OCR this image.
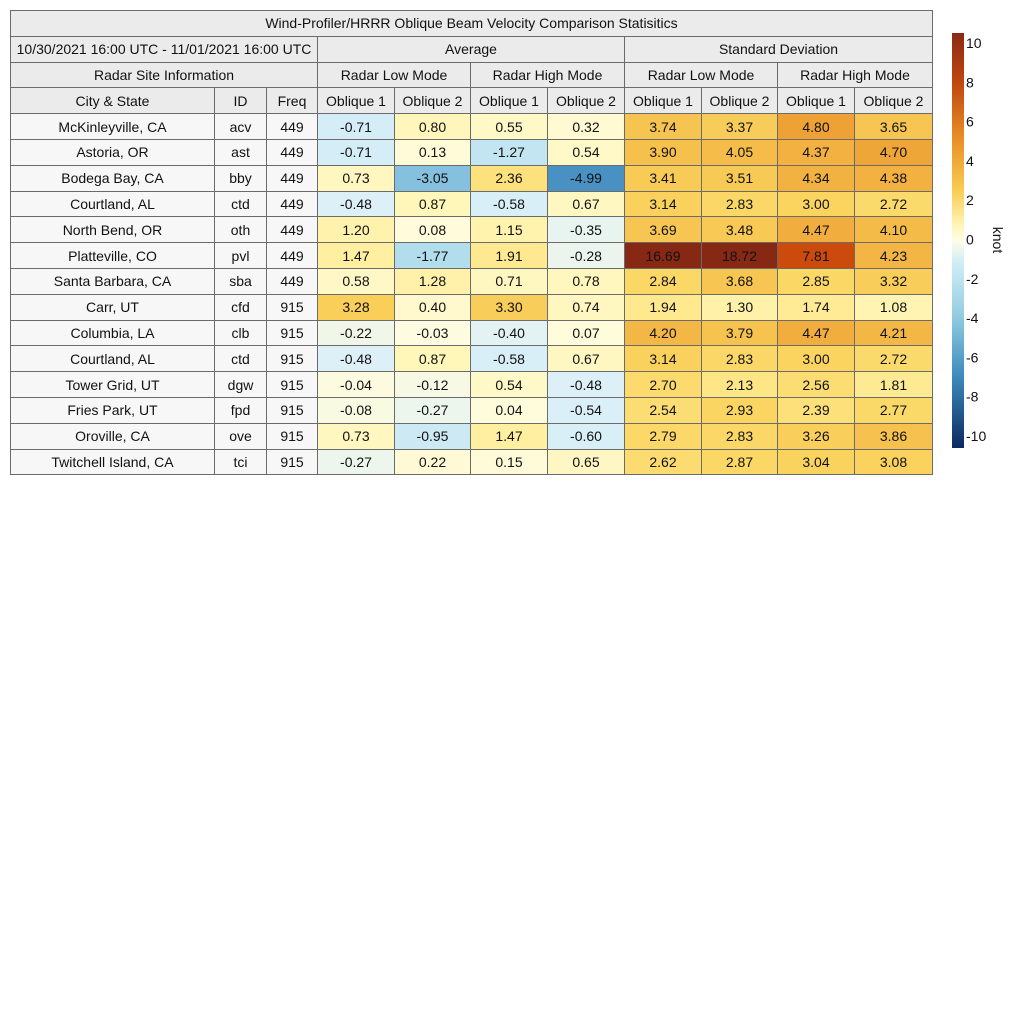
Wind-Profiler/HRRR Oblique Beam Velocity Comparison Statisitics										
10/30/2021 16:00 UTC - 11/01/2021 16:00 UTC			Average				Standard Deviation			
Radar Site Information			Radar Low Mode		Radar High Mode		Radar Low Mode		Radar High Mode	
City & State	ID	Freq	Oblique 1	Oblique 2	Oblique 1	Oblique 2	Oblique 1	Oblique 2	Oblique 1	Oblique 2
McKinleyville, CA	acv	449	-0.71	0.80	0.55	0.32	3.74	3.37	4.80	3.65
Astoria, OR	ast	449	-0.71	0.13	-1.27	0.54	3.90	4.05	4.37	4.70
Bodega Bay, CA	bby	449	0.73	-3.05	2.36	-4.99	3.41	3.51	4.34	4.38
Courtland, AL	ctd	449	-0.48	0.87	-0.58	0.67	3.14	2.83	3.00	2.72
North Bend, OR	oth	449	1.20	0.08	1.15	-0.35	3.69	3.48	4.47	4.10
Platteville, CO	pvl	449	1.47	-1.77	1.91	-0.28	16.69	18.72	7.81	4.23
Santa Barbara, CA	sba	449	0.58	1.28	0.71	0.78	2.84	3.68	2.85	3.32
Carr, UT	cfd	915	3.28	0.40	3.30	0.74	1.94	1.30	1.74	1.08
Columbia, LA	clb	915	-0.22	-0.03	-0.40	0.07	4.20	3.79	4.47	4.21
Courtland, AL	ctd	915	-0.48	0.87	-0.58	0.67	3.14	2.83	3.00	2.72
Tower Grid, UT	dgw	915	-0.04	-0.12	0.54	-0.48	2.70	2.13	2.56	1.81
Fries Park, UT	fpd	915	-0.08	-0.27	0.04	-0.54	2.54	2.93	2.39	2.77
Oroville, CA	ove	915	0.73	-0.95	1.47	-0.60	2.79	2.83	3.26	3.86
Twitchell Island, CA	tci	915	-0.27	0.22	0.15	0.65	2.62	2.87	3.04	3.08
10
8
6
4
2
0
-2
-4
-6
-8
-10
knot
